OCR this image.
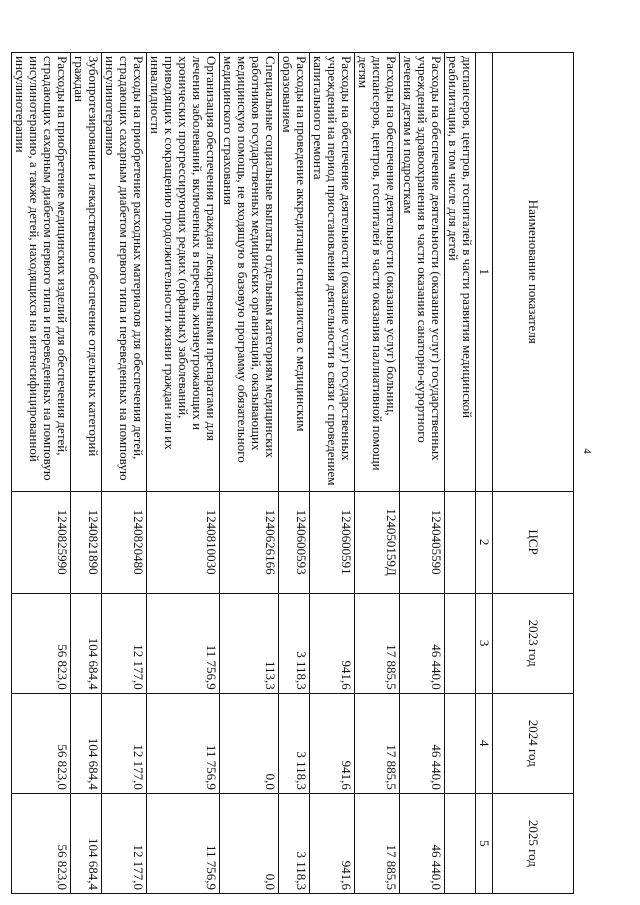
4
Наименование показателя	ЦСР	2023 год	2024 год	2025 год
1	2	3	4	5
диспансеров, центров, госпиталей в части развития медицинской реабилитации, в том числе для детей				
Расходы на обеспечение деятельности (оказание услуг) государственных учреждений здравоохранения в части оказания санаторно-курортного лечения детям и подросткам	1240405590	46 440,0	46 440,0	46 440,0
Расходы на обеспечение деятельности (оказание услуг) больниц, диспансеров, центров, госпиталей в части оказания паллиативной помощи детям	124050159Д	17 885,5	17 885,5	17 885,5
Расходы на обеспечение деятельности (оказание услуг) государственных учреждений на период приостановления деятельности в связи с проведением капитального ремонта	1240600591	941,6	941,6	941,6
Расходы на проведение аккредитации специалистов с медицинским образованием	1240600593	3 118,3	3 118,3	3 118,3
Специальные социальные выплаты отдельным категориям медицинских работников государственных медицинских организаций, оказывающих медицинскую помощь, не входящую в базовую программу обязательного медицинского страхования	1240626166	113,3	0,0	0,0
Организация обеспечения граждан лекарственными препаратами для лечения заболеваний, включенных в перечень жизнеугрожающих и хронических прогрессирующих редких (орфанных) заболеваний, приводящих к сокращению продолжительности жизни граждан или их инвалидности	1240810030	11 756,9	11 756,9	11 756,9
Расходы на приобретение расходных материалов для обеспечения детей, страдающих сахарным диабетом первого типа и переведенных на помповую инсулинотерапию	1240820480	12 177,0	12 177,0	12 177,0
Зубопротезирование и лекарственное обеспечение отдельных категорий граждан	1240821890	104 684,4	104 684,4	104 684,4
Расходы на приобретение медицинских изделий для обеспечения детей, страдающих сахарным диабетом первого типа и переведенных на помповую инсулинотерапию, а также детей, находящихся на интенсифицированной инсулинотерапии	1240825990	56 823,0	56 823,0	56 823,0
